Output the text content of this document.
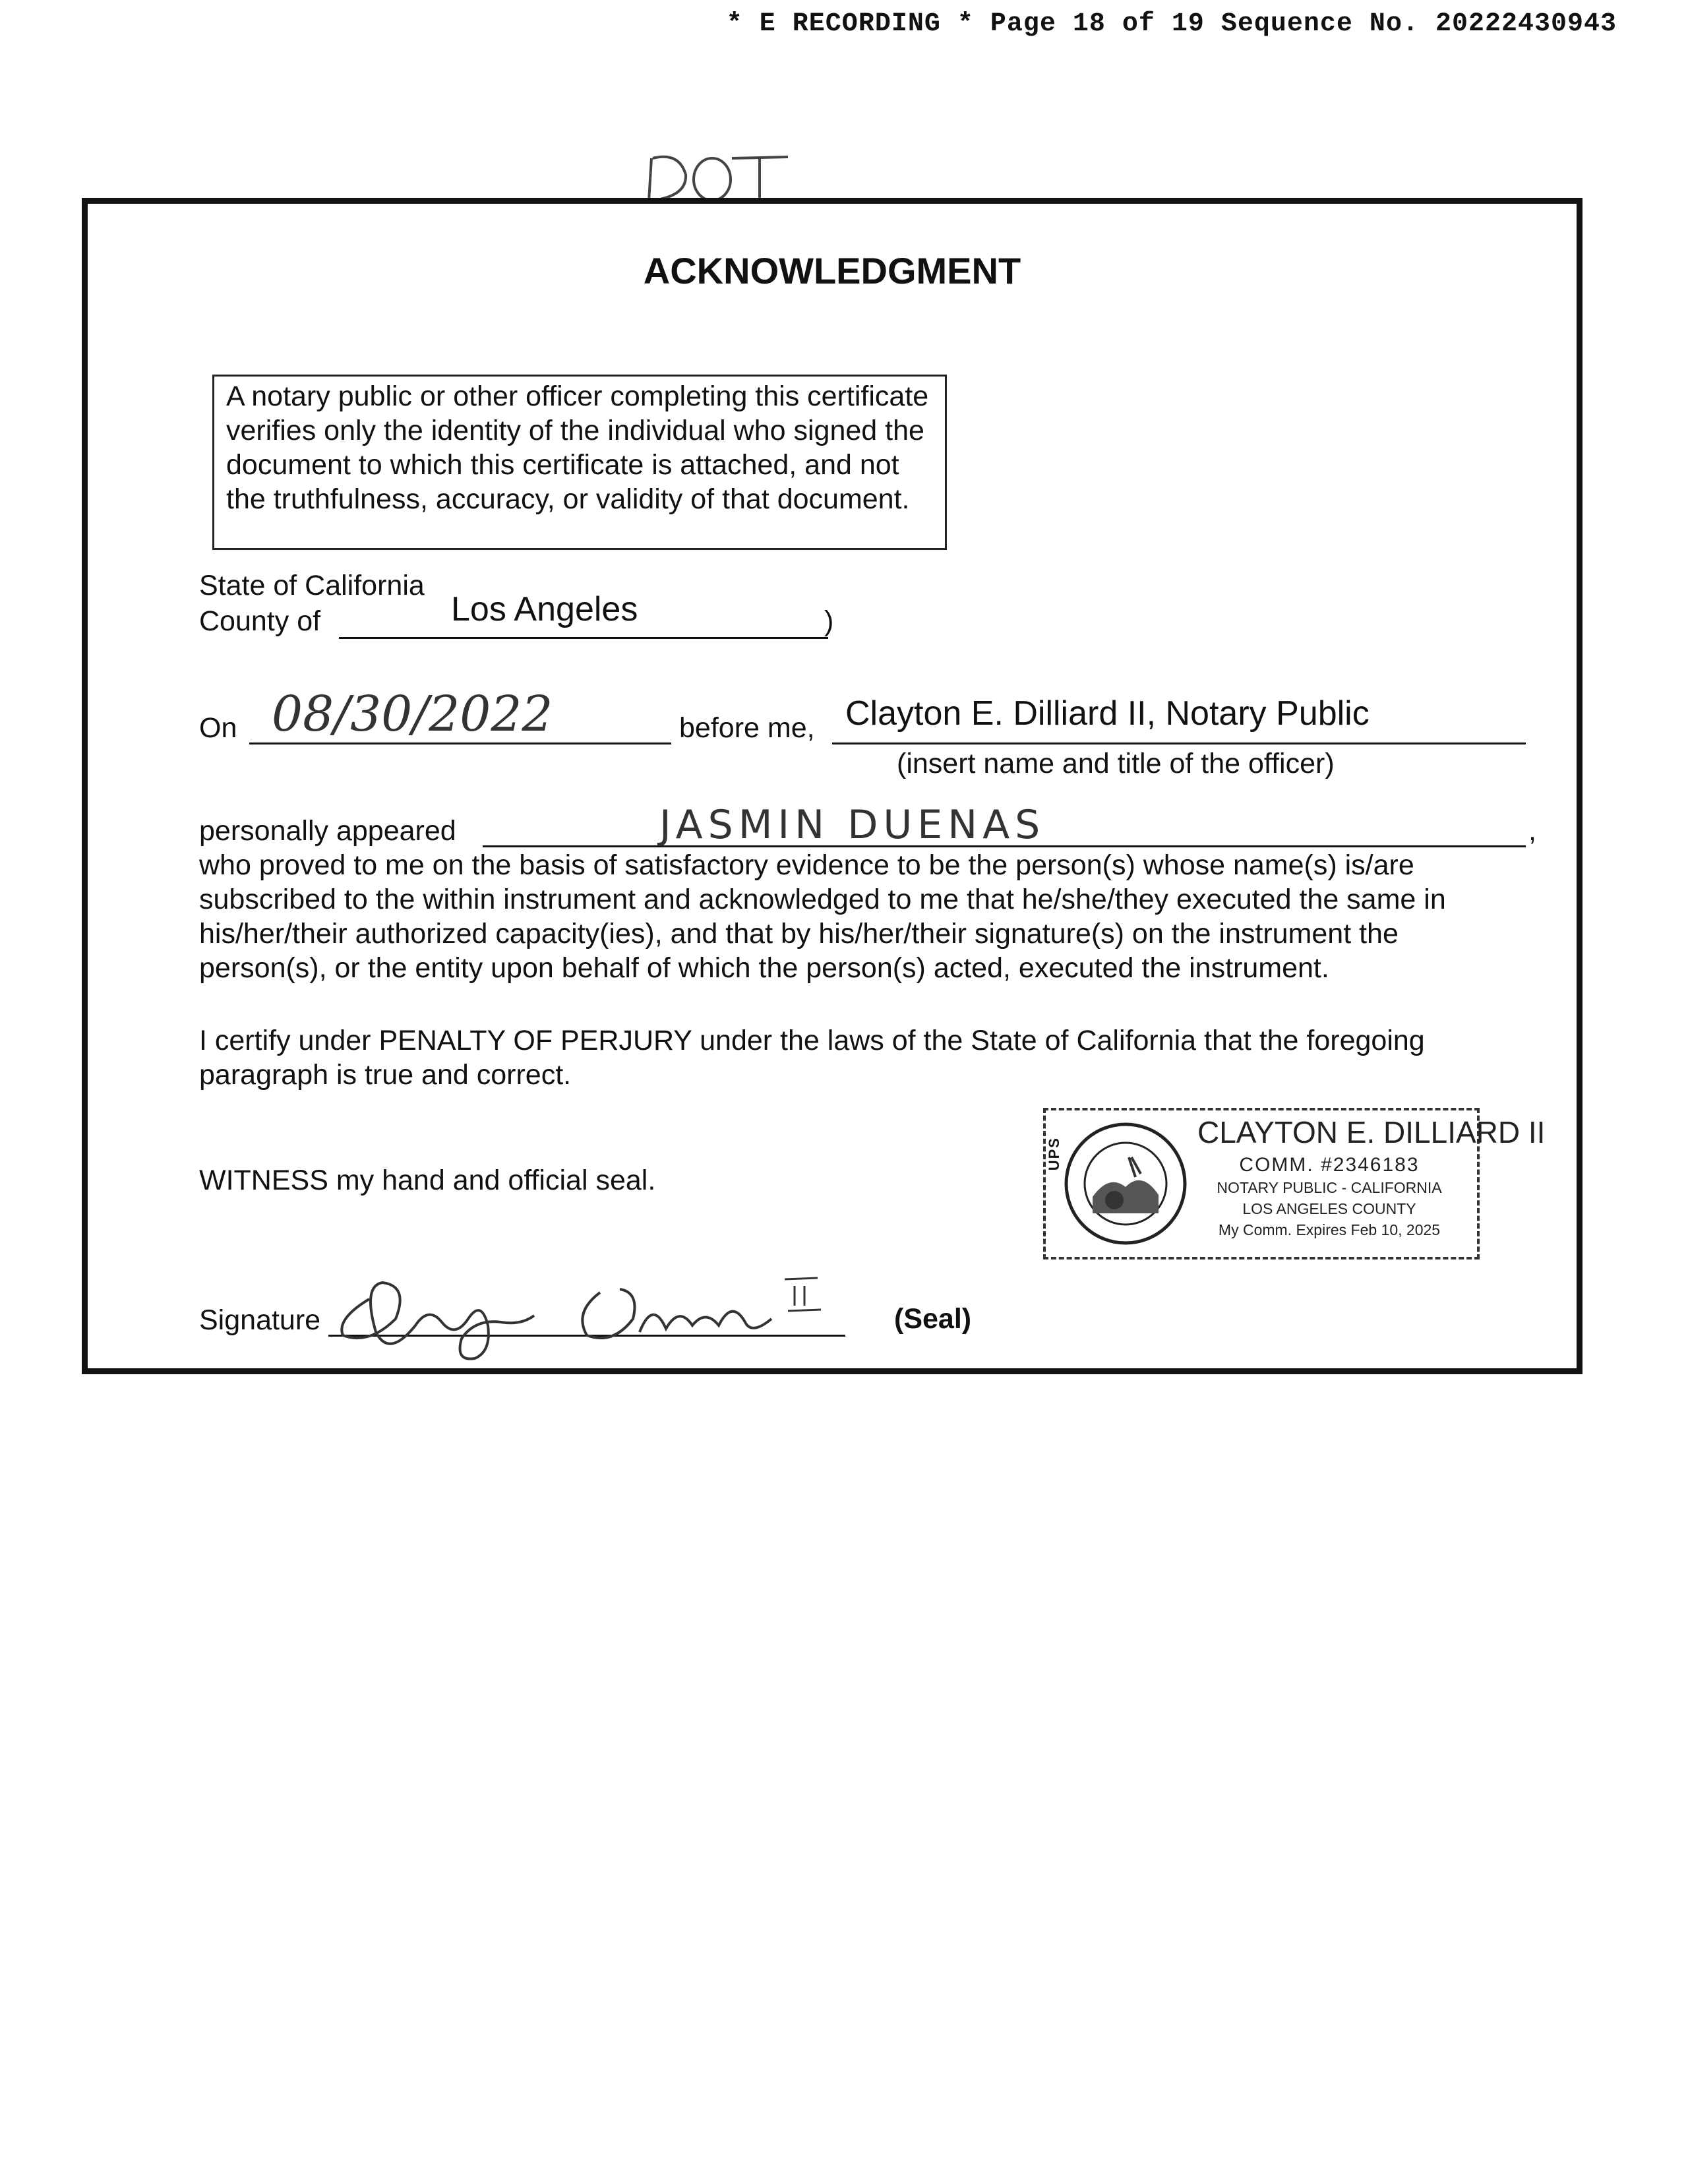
* E RECORDING * Page 18 of 19 Sequence No. 20222430943
ACKNOWLEDGMENT
A notary public or other officer completing this certificate verifies only the identity of the individual who signed the document to which this certificate is attached, and not the truthfulness, accuracy, or validity of that document.
State of California
County of	Los Angeles	)
On 08/30/2022	before me, Clayton E. Dilliard II, Notary Public
(insert name and title of the officer)
personally appeared	JASMIN DUENAS	,
who proved to me on the basis of satisfactory evidence to be the person(s) whose name(s) is/are
subscribed to the within instrument and acknowledged to me that he/she/they executed the same in
his/her/their authorized capacity(ies), and that by his/her/their signature(s) on the instrument the
person(s), or the entity upon behalf of which the person(s) acted, executed the instrument.
I certify under PENALTY OF PERJURY under the laws of the State of California that the foregoing
paragraph is true and correct.
WITNESS my hand and official seal.
UPS
CLAYTON E. DILLIARD II
COMM. #2346183
NOTARY PUBLIC - CALIFORNIA
LOS ANGELES COUNTY
My Comm. Expires Feb 10, 2025
Signature	(Seal)
